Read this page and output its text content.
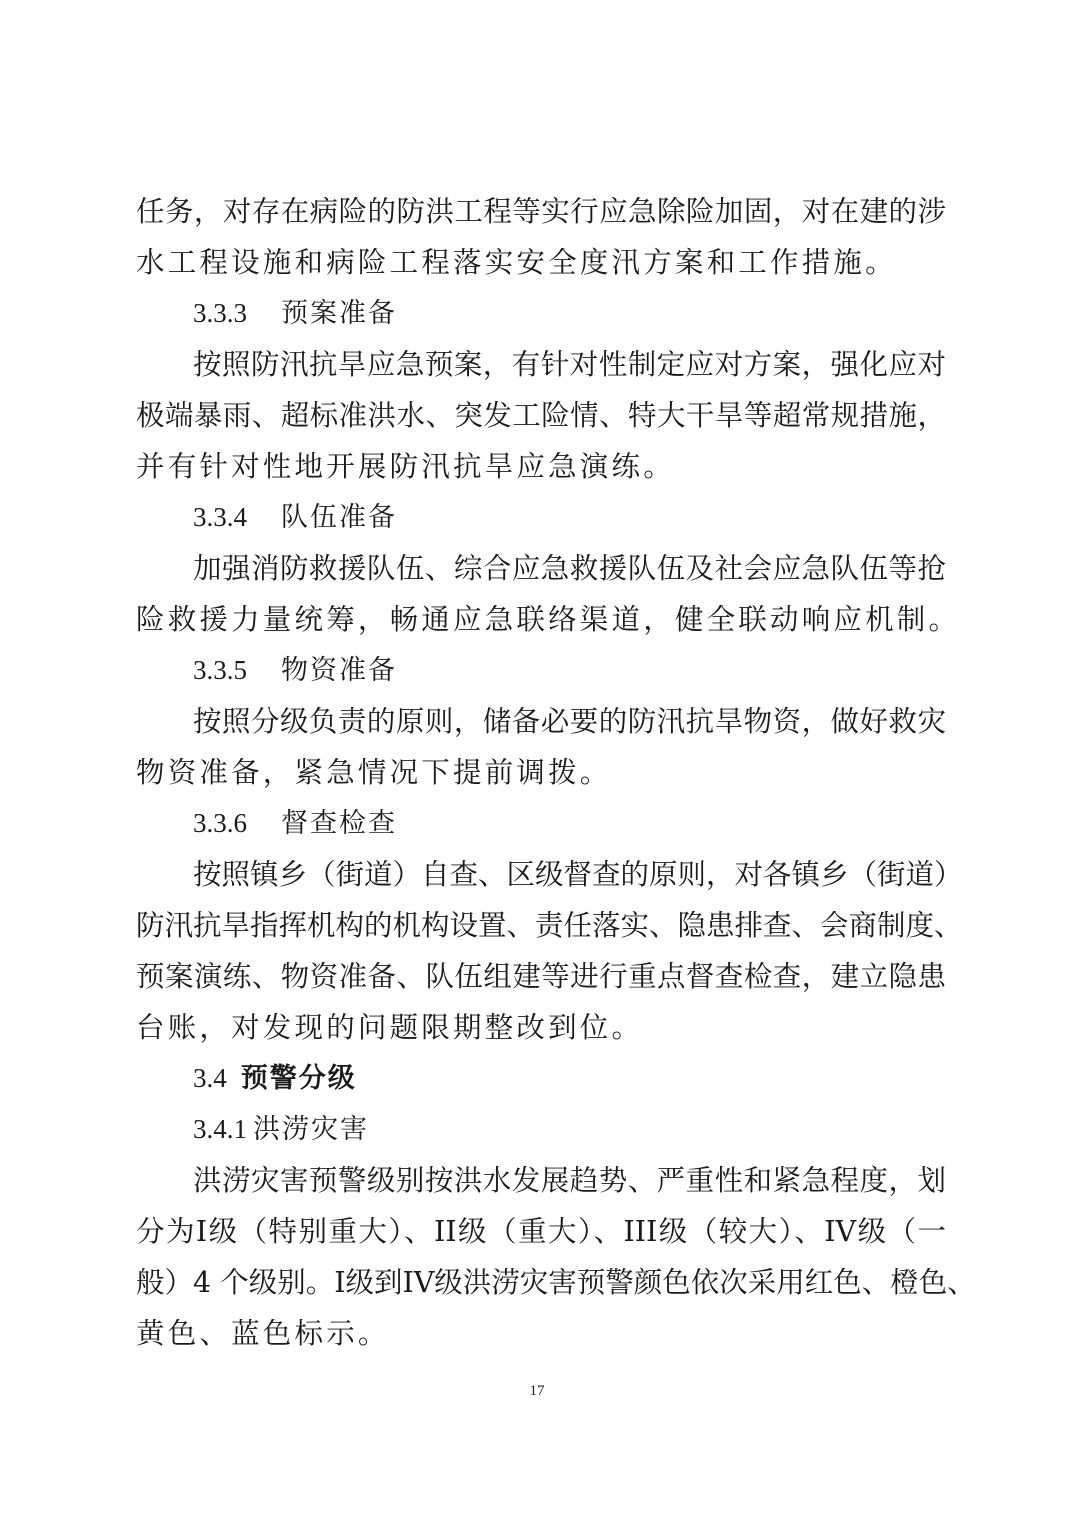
任务，对存在病险的防洪工程等实行应急除险加固，对在建的涉
水工程设施和病险工程落实安全度汛方案和工作措施。
3.3.3 预案准备
按照防汛抗旱应急预案，有针对性制定应对方案，强化应对
极端暴雨、超标准洪水、突发工险情、特大干旱等超常规措施，
并有针对性地开展防汛抗旱应急演练。
3.3.4 队伍准备
加强消防救援队伍、综合应急救援队伍及社会应急队伍等抢
险救援力量统筹，畅通应急联络渠道，健全联动响应机制。
3.3.5 物资准备
按照分级负责的原则，储备必要的防汛抗旱物资，做好救灾
物资准备，紧急情况下提前调拨。
3.3.6 督查检查
按照镇乡（街道）自查、区级督查的原则，对各镇乡（街道）
防汛抗旱指挥机构的机构设置、责任落实、隐患排查、会商制度、
预案演练、物资准备、队伍组建等进行重点督查检查，建立隐患
台账，对发现的问题限期整改到位。
3.4 预警分级
3.4.1 洪涝灾害
洪涝灾害预警级别按洪水发展趋势、严重性和紧急程度，划
分为I级（特别重大）、II级（重大）、III级（较大）、IV级（一
般）4 个级别。I级到IV级洪涝灾害预警颜色依次采用红色、橙色、
黄色、蓝色标示。
17
